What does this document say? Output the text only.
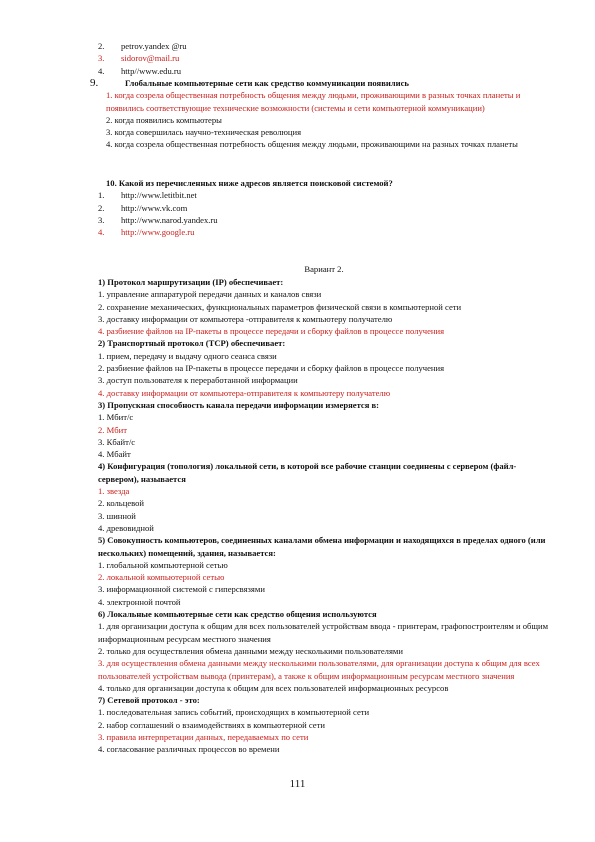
2. petrov.yandex @ru
3. sidorov@mail.ru
4. http//www.edu.ru
9.	Глобальные компьютерные сети как средство коммуникации появились
1. когда созрела общественная потребность общения между людьми, проживающими в разных точках планеты и появились соответствующие технические возможности (системы и сети компьютерной коммуникации)
2. когда появились компьютеры
3. когда совершилась научно-техническая революция
4. когда созрела общественная потребность общения между людьми, проживающими на разных точках планеты
10. Какой из перечисленных ниже адресов является поисковой системой?
1. http://www.letitbit.net
2. http://www.vk.com
3. http://www.narod.yandex.ru
4. http://www.google.ru
Вариант 2.
1) Протокол маршрутизации (IP) обеспечивает:
1. управление аппаратурой передачи данных и каналов связи
2. сохранение механических, функциональных параметров физической связи в компьютерной сети
3. доставку информации от компьютера -отправителя к компьютеру получателю
4. разбиение файлов на IP-пакеты в процессе передачи и сборку файлов в процессе получения
2) Транспортный протокол (TCP) обеспечивает:
1. прием, передачу и выдачу одного сеанса связи
2. разбиение файлов на IP-пакеты в процессе передачи и сборку файлов в процессе получения
3. доступ пользователя к переработанной информации
4. доставку информации от компьютера-отправителя к компьютеру получателю
3) Пропускная способность канала передачи информации измеряется в:
1. Мбит/с
2. Мбит
3. Кбайт/с
4. Мбайт
4) Конфигурация (топология) локальной сети, в которой все рабочие станции соединены с сервером (файл-сервером), называется
1. звезда
2. кольцевой
3. шинной
4. древовидной
5) Совокупность компьютеров, соединенных каналами обмена информации и находящихся в пределах одного (или нескольких) помещений, здания, называется:
1. глобальной компьютерной сетью
2. локальной компьютерной сетью
3. информационной системой с гиперсвязями
4. электронной почтой
6) Локальные компьютерные сети как средство общения используются
1. для организации доступа к общим для всех пользователей устройствам ввода - принтерам, графопостроителям и общим информационным ресурсам местного значения
2. только для осуществления обмена данными между несколькими пользователями
3. для осуществления обмена данными между несколькими пользователями, для организации доступа к общим для всех пользователей устройствам вывода (принтерам), а также к общим информационным ресурсам местного значения
4. только для организации доступа к общим для всех пользователей информационных ресурсов
7) Сетевой протокол - это:
1. последовательная запись событий, происходящих в компьютерной сети
2. набор соглашений о взаимодействиях в компьютерной сети
3. правила интерпретации данных, передаваемых по сети
4. согласование различных процессов во времени
111
